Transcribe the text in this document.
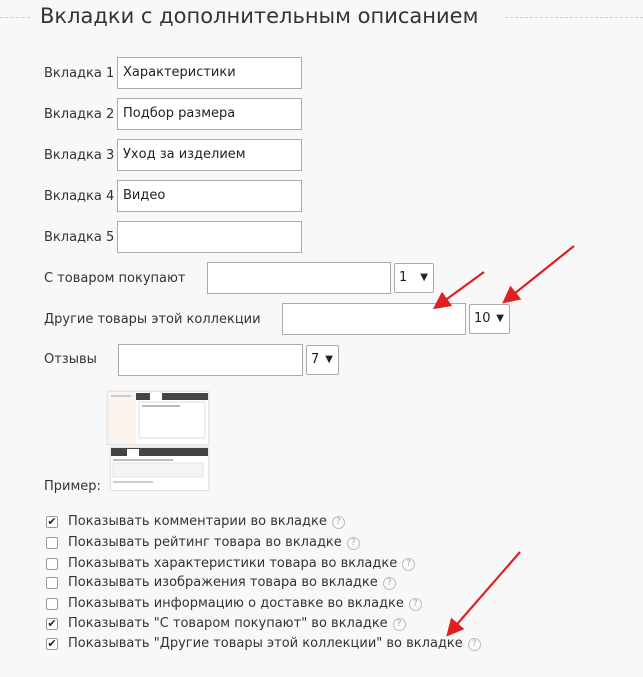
Вкладки с дополнительным описанием
Вкладка 1 Характеристики
Вкладка 2 Подбор размера
Вкладка 3 Уход за изделием
Вкладка 4 Видео
Вкладка 5
С товаром покупают	1 ▼
Другие товары этой коллекции	10 ▼
Отзывы	7 ▼
Пример:
✔ Показывать комментарии во вкладке ?
Показывать рейтинг товара во вкладке ?
Показывать характеристики товара во вкладке ?
Показывать изображения товара во вкладке ?
Показывать информацию о доставке во вкладке ?
✔ Показывать "С товаром покупают" во вкладке ?
✔ Показывать "Другие товары этой коллекции" во вкладке ?
